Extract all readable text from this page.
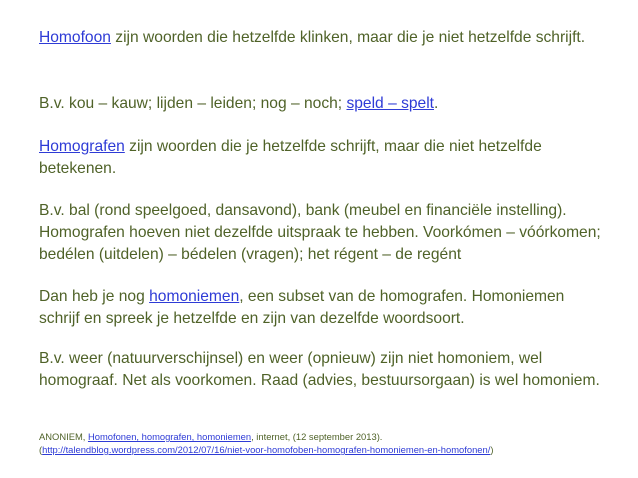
Homofoon zijn woorden die hetzelfde klinken, maar die je niet hetzelfde schrijft.
B.v. kou – kauw; lijden – leiden; nog – noch; speld – spelt.
Homografen zijn woorden die je hetzelfde schrijft, maar die niet hetzelfde betekenen.
B.v. bal (rond speelgoed, dansavond), bank (meubel en financiële instelling). Homografen hoeven niet dezelfde uitspraak te hebben. Voorkómen – vóórkomen; bedélen (uitdelen) – bédelen (vragen); het régent – de regént
Dan heb je nog homoniemen, een subset van de homografen. Homoniemen schrijf en spreek je hetzelfde en zijn van dezelfde woordsoort.
B.v. weer (natuurverschijnsel) en weer (opnieuw) zijn niet homoniem, wel homograaf. Net als voorkomen. Raad (advies, bestuursorgaan) is wel homoniem.
ANONIEM, Homofonen, homografen, homoniemen, internet, (12 september 2013).
(http://talendblog.wordpress.com/2012/07/16/niet-voor-homofoben-homografen-homoniemen-en-homofonen/)
